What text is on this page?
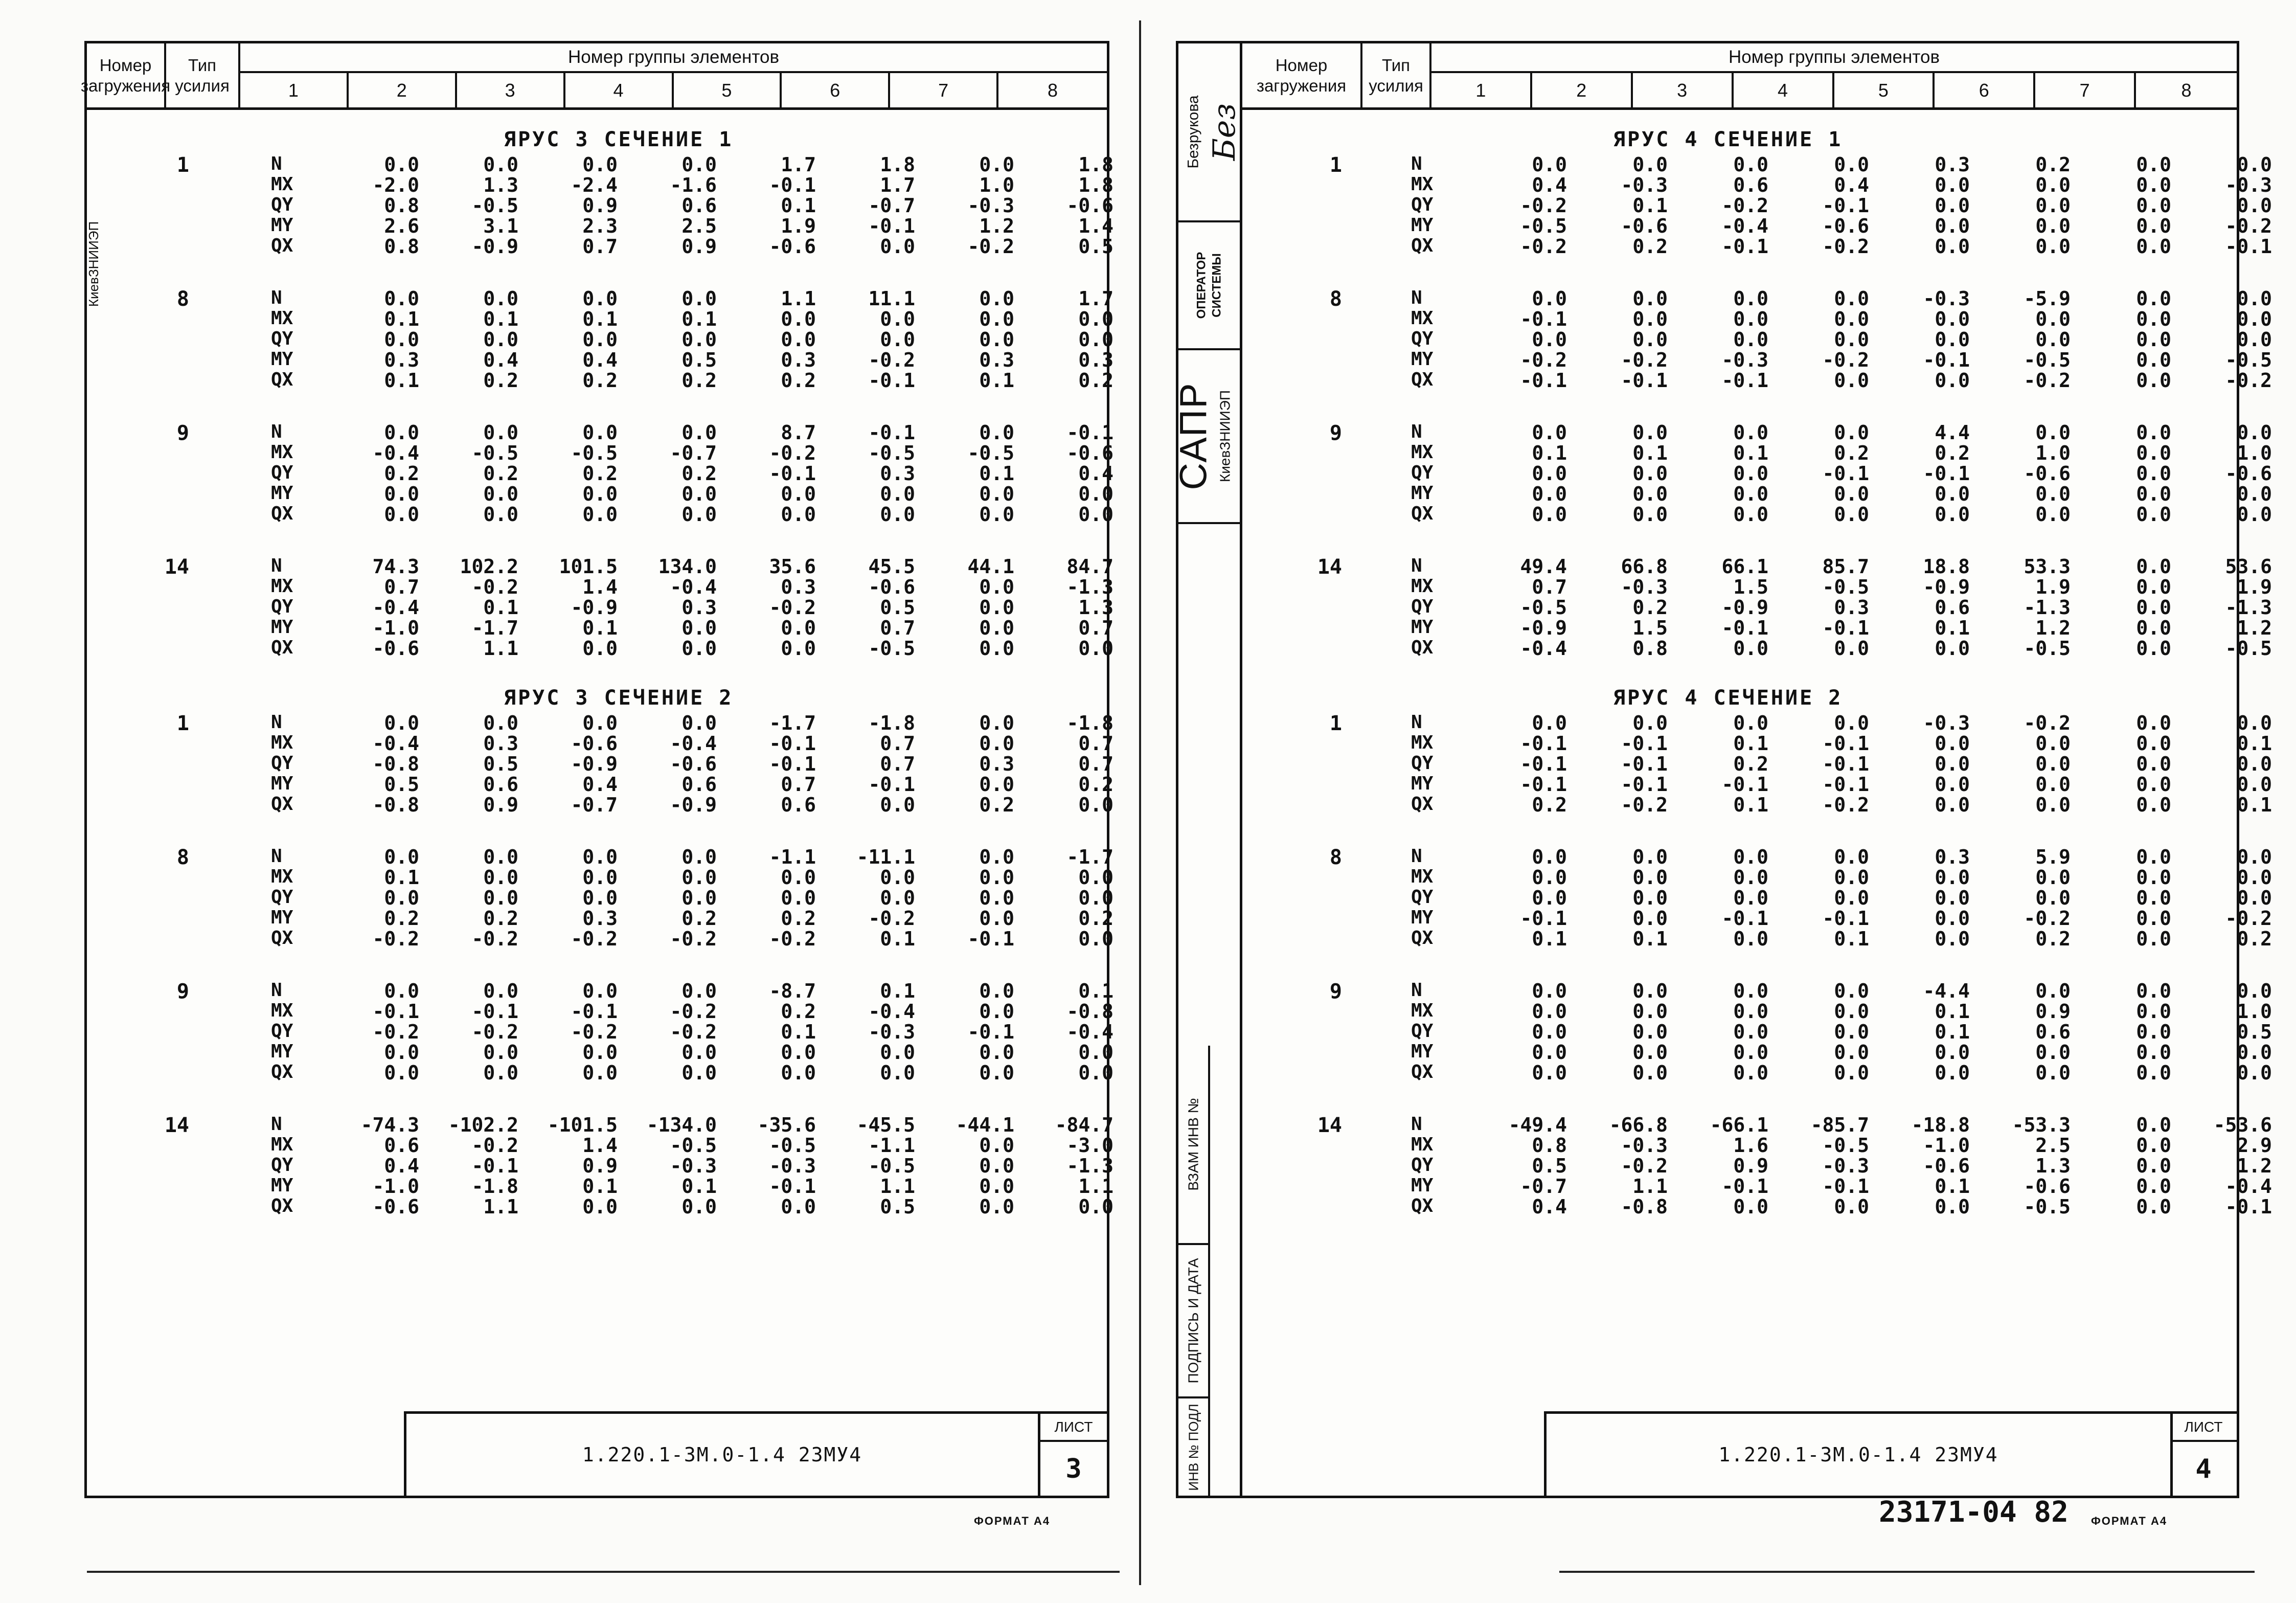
Номер
загружения
Тип
усилия
Номер группы элементов
1	2	3	4	5	6	7	8
1.220.1-3М.0-1.4 23МУ4
ЛИСТ
3
ЯРУС 3 СЕЧЕНИЕ 1
1	N	0.0	0.0	0.0	0.0	1.7	1.8	0.0	1.8
MX	-2.0	1.3	-2.4	-1.6	-0.1	1.7	1.0	1.8
QY	0.8	-0.5	0.9	0.6	0.1	-0.7	-0.3	-0.6
MY	2.6	3.1	2.3	2.5	1.9	-0.1	1.2	1.4
QX	0.8	-0.9	0.7	0.9	-0.6	0.0	-0.2	0.5
8	N	0.0	0.0	0.0	0.0	1.1	11.1	0.0	1.7
MX	0.1	0.1	0.1	0.1	0.0	0.0	0.0	0.0
QY	0.0	0.0	0.0	0.0	0.0	0.0	0.0	0.0
MY	0.3	0.4	0.4	0.5	0.3	-0.2	0.3	0.3
QX	0.1	0.2	0.2	0.2	0.2	-0.1	0.1	0.2
9	N	0.0	0.0	0.0	0.0	8.7	-0.1	0.0	-0.1
MX	-0.4	-0.5	-0.5	-0.7	-0.2	-0.5	-0.5	-0.6
QY	0.2	0.2	0.2	0.2	-0.1	0.3	0.1	0.4
MY	0.0	0.0	0.0	0.0	0.0	0.0	0.0	0.0
QX	0.0	0.0	0.0	0.0	0.0	0.0	0.0	0.0
14	N	74.3	102.2	101.5	134.0	35.6	45.5	44.1	84.7
MX	0.7	-0.2	1.4	-0.4	0.3	-0.6	0.0	-1.3
QY	-0.4	0.1	-0.9	0.3	-0.2	0.5	0.0	1.3
MY	-1.0	-1.7	0.1	0.0	0.0	0.7	0.0	0.7
QX	-0.6	1.1	0.0	0.0	0.0	-0.5	0.0	0.0
ЯРУС 3 СЕЧЕНИЕ 2
1	N	0.0	0.0	0.0	0.0	-1.7	-1.8	0.0	-1.8
MX	-0.4	0.3	-0.6	-0.4	-0.1	0.7	0.0	0.7
QY	-0.8	0.5	-0.9	-0.6	-0.1	0.7	0.3	0.7
MY	0.5	0.6	0.4	0.6	0.7	-0.1	0.0	0.2
QX	-0.8	0.9	-0.7	-0.9	0.6	0.0	0.2	0.0
8	N	0.0	0.0	0.0	0.0	-1.1	-11.1	0.0	-1.7
MX	0.1	0.0	0.0	0.0	0.0	0.0	0.0	0.0
QY	0.0	0.0	0.0	0.0	0.0	0.0	0.0	0.0
MY	0.2	0.2	0.3	0.2	0.2	-0.2	0.0	0.2
QX	-0.2	-0.2	-0.2	-0.2	-0.2	0.1	-0.1	0.0
9	N	0.0	0.0	0.0	0.0	-8.7	0.1	0.0	0.1
MX	-0.1	-0.1	-0.1	-0.2	0.2	-0.4	0.0	-0.8
QY	-0.2	-0.2	-0.2	-0.2	0.1	-0.3	-0.1	-0.4
MY	0.0	0.0	0.0	0.0	0.0	0.0	0.0	0.0
QX	0.0	0.0	0.0	0.0	0.0	0.0	0.0	0.0
14	N	-74.3	-102.2	-101.5	-134.0	-35.6	-45.5	-44.1	-84.7
MX	0.6	-0.2	1.4	-0.5	-0.5	-1.1	0.0	-3.0
QY	0.4	-0.1	0.9	-0.3	-0.3	-0.5	0.0	-1.3
MY	-1.0	-1.8	0.1	0.1	-0.1	1.1	0.0	1.1
QX	-0.6	1.1	0.0	0.0	0.0	0.5	0.0	0.0
ФОРМАТ А4
Безрукова Без
ОПЕРАТОР СИСТЕМЫ
САПР КиевЗНИИЭП
ВЗАМ ИНВ №
ПОДПИСЬ И ДАТА
ИНВ № ПОДЛ
Номер
загружения
Тип
усилия
Номер группы элементов
1	2	3	4	5	6	7	8
1.220.1-3М.0-1.4 23МУ4
ЛИСТ
4
ЯРУС 4 СЕЧЕНИЕ 1
1	N	0.0	0.0	0.0	0.0	0.3	0.2	0.0	0.0
MX	0.4	-0.3	0.6	0.4	0.0	0.0	0.0	-0.3
QY	-0.2	0.1	-0.2	-0.1	0.0	0.0	0.0	0.0
MY	-0.5	-0.6	-0.4	-0.6	0.0	0.0	0.0	-0.2
QX	-0.2	0.2	-0.1	-0.2	0.0	0.0	0.0	-0.1
8	N	0.0	0.0	0.0	0.0	-0.3	-5.9	0.0	0.0
MX	-0.1	0.0	0.0	0.0	0.0	0.0	0.0	0.0
QY	0.0	0.0	0.0	0.0	0.0	0.0	0.0	0.0
MY	-0.2	-0.2	-0.3	-0.2	-0.1	-0.5	0.0	-0.5
QX	-0.1	-0.1	-0.1	0.0	0.0	-0.2	0.0	-0.2
9	N	0.0	0.0	0.0	0.0	4.4	0.0	0.0	0.0
MX	0.1	0.1	0.1	0.2	0.2	1.0	0.0	1.0
QY	0.0	0.0	0.0	-0.1	-0.1	-0.6	0.0	-0.6
MY	0.0	0.0	0.0	0.0	0.0	0.0	0.0	0.0
QX	0.0	0.0	0.0	0.0	0.0	0.0	0.0	0.0
14	N	49.4	66.8	66.1	85.7	18.8	53.3	0.0	53.6
MX	0.7	-0.3	1.5	-0.5	-0.9	1.9	0.0	1.9
QY	-0.5	0.2	-0.9	0.3	0.6	-1.3	0.0	-1.3
MY	-0.9	1.5	-0.1	-0.1	0.1	1.2	0.0	1.2
QX	-0.4	0.8	0.0	0.0	0.0	-0.5	0.0	-0.5
ЯРУС 4 СЕЧЕНИЕ 2
1	N	0.0	0.0	0.0	0.0	-0.3	-0.2	0.0	0.0
MX	-0.1	-0.1	0.1	-0.1	0.0	0.0	0.0	0.1
QY	-0.1	-0.1	0.2	-0.1	0.0	0.0	0.0	0.0
MY	-0.1	-0.1	-0.1	-0.1	0.0	0.0	0.0	0.0
QX	0.2	-0.2	0.1	-0.2	0.0	0.0	0.0	0.1
8	N	0.0	0.0	0.0	0.0	0.3	5.9	0.0	0.0
MX	0.0	0.0	0.0	0.0	0.0	0.0	0.0	0.0
QY	0.0	0.0	0.0	0.0	0.0	0.0	0.0	0.0
MY	-0.1	0.0	-0.1	-0.1	0.0	-0.2	0.0	-0.2
QX	0.1	0.1	0.0	0.1	0.0	0.2	0.0	0.2
9	N	0.0	0.0	0.0	0.0	-4.4	0.0	0.0	0.0
MX	0.0	0.0	0.0	0.0	0.1	0.9	0.0	1.0
QY	0.0	0.0	0.0	0.0	0.1	0.6	0.0	0.5
MY	0.0	0.0	0.0	0.0	0.0	0.0	0.0	0.0
QX	0.0	0.0	0.0	0.0	0.0	0.0	0.0	0.0
14	N	-49.4	-66.8	-66.1	-85.7	-18.8	-53.3	0.0	-53.6
MX	0.8	-0.3	1.6	-0.5	-1.0	2.5	0.0	2.9
QY	0.5	-0.2	0.9	-0.3	-0.6	1.3	0.0	1.2
MY	-0.7	1.1	-0.1	-0.1	0.1	-0.6	0.0	-0.4
QX	0.4	-0.8	0.0	0.0	0.0	-0.5	0.0	-0.1
23171-04 82 ФОРМАТ А4
КиевЗНИИЭП
